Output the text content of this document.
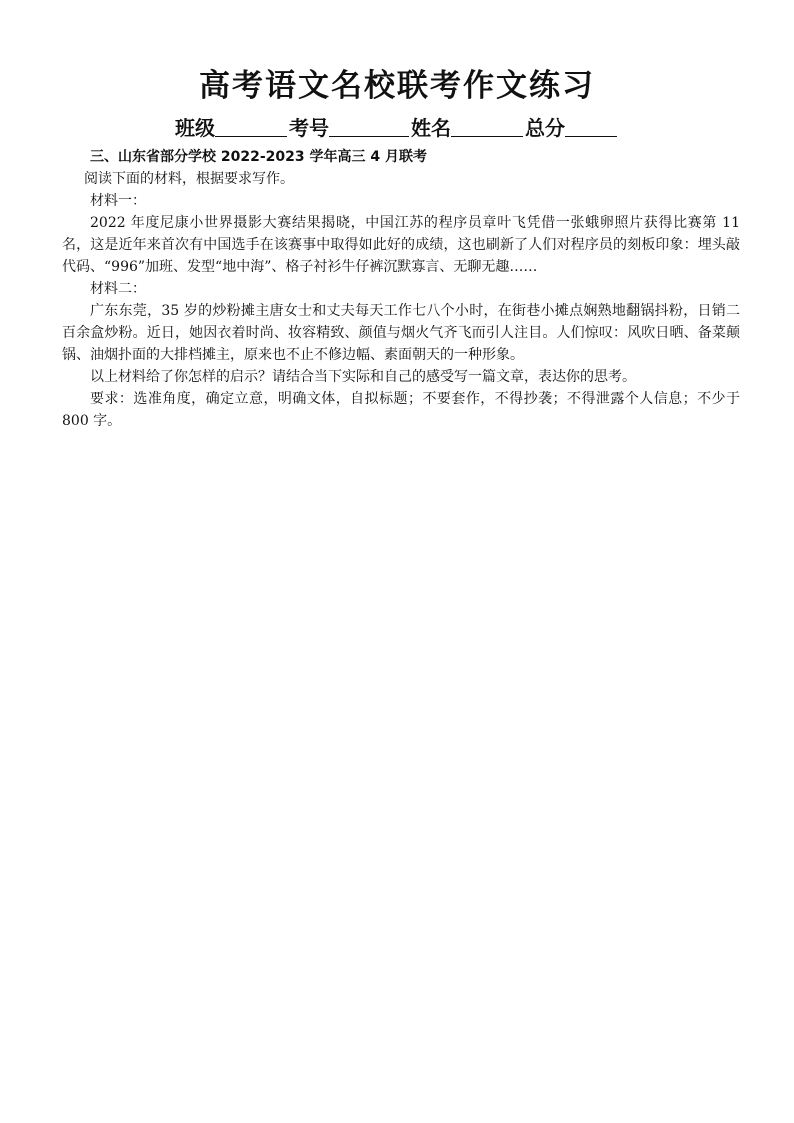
高考语文名校联考作文练习
班级	考号	姓名	总分

三、山东省部分学校 2022-2023 学年高三 4 月联考

阅读下面的材料，根据要求写作。

材料一：

2022 年度尼康小世界摄影大赛结果揭晓，中国江苏的程序员章叶飞凭借一张蛾卵照片获得比赛第 11 名，这是近年来首次有中国选手在该赛事中取得如此好的成绩，这也刷新了人们对程序员的刻板印象：埋头敲代码、“996”加班、发型“地中海”、格子衬衫牛仔裤沉默寡言、无聊无趣……

材料二：

广东东莞，35 岁的炒粉摊主唐女士和丈夫每天工作七八个小时，在街巷小摊点娴熟地翻锅抖粉，日销二百余盒炒粉。近日，她因衣着时尚、妆容精致、颜值与烟火气齐飞而引人注目。人们惊叹：风吹日晒、备菜颠锅、油烟扑面的大排档摊主，原来也不止不修边幅、素面朝天的一种形象。

以上材料给了你怎样的启示？请结合当下实际和自己的感受写一篇文章，表达你的思考。

要求：选准角度，确定立意，明确文体，自拟标题；不要套作，不得抄袭；不得泄露个人信息；不少于 800 字。
